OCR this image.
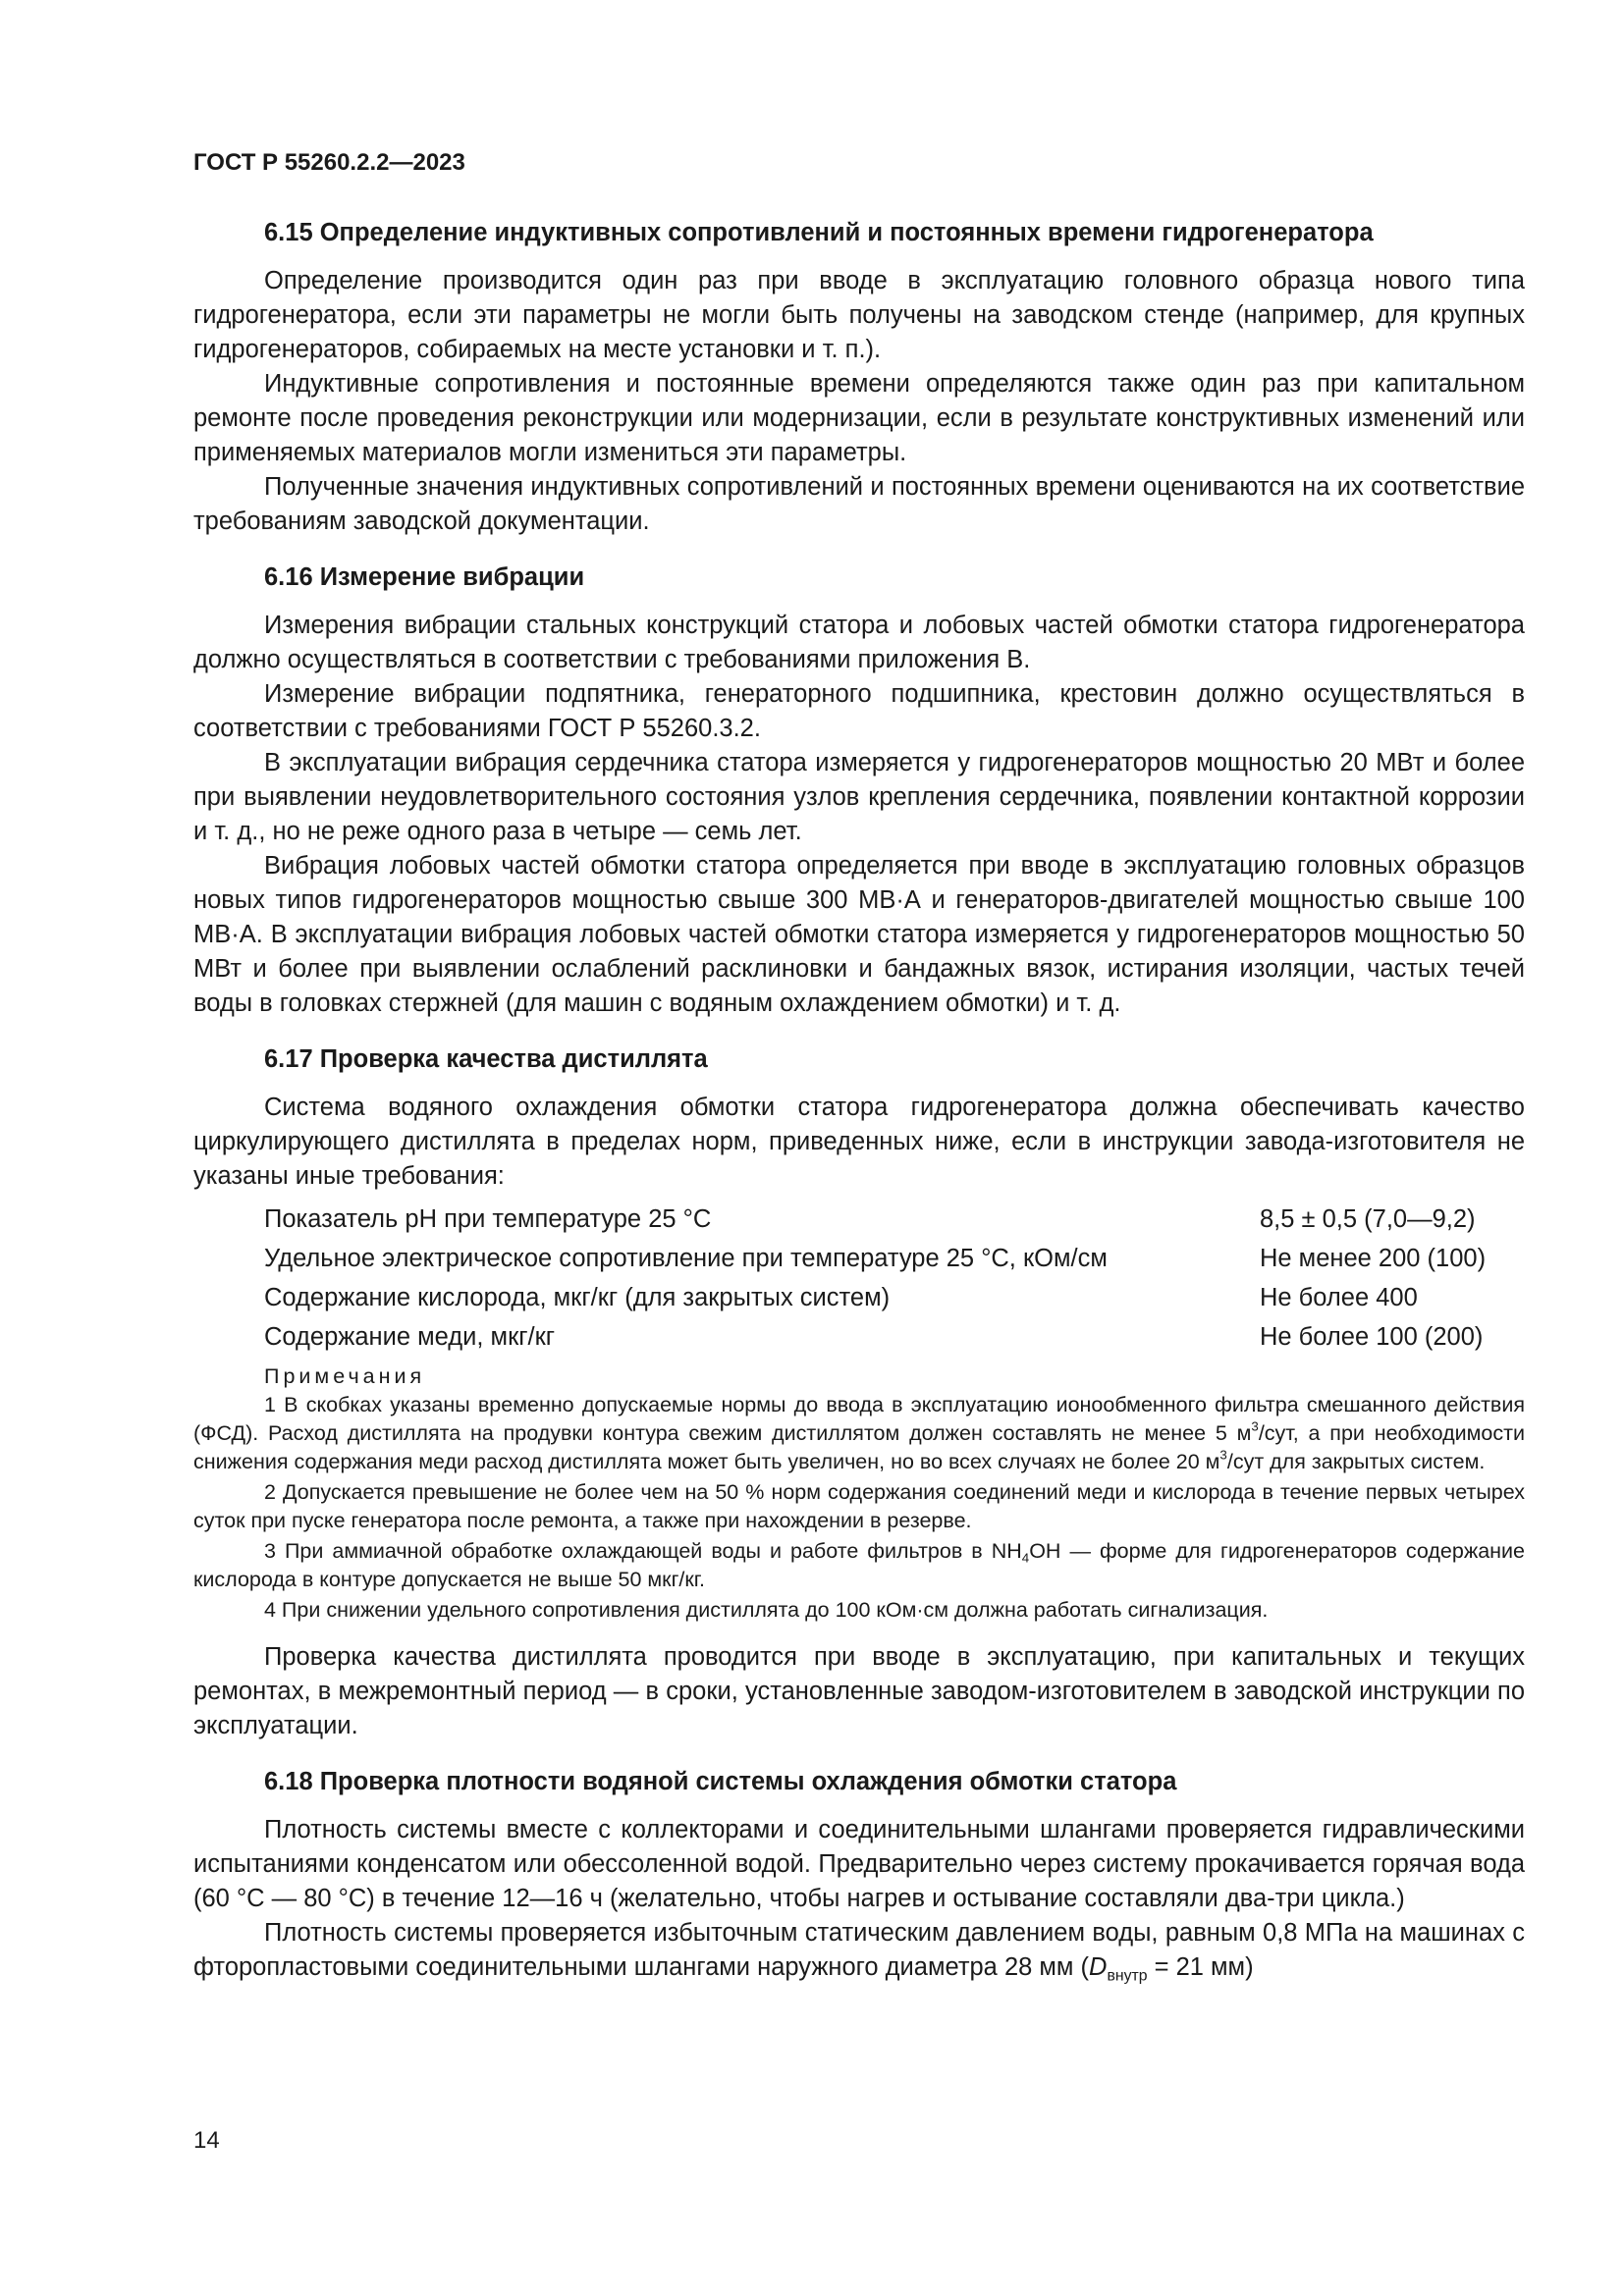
ГОСТ Р 55260.2.2—2023

6.15 Определение индуктивных сопротивлений и постоянных времени гидрогенератора

Определение производится один раз при вводе в эксплуатацию головного образца нового типа гидрогенератора, если эти параметры не могли быть получены на заводском стенде (например, для крупных гидрогенераторов, собираемых на месте установки и т. п.).

Индуктивные сопротивления и постоянные времени определяются также один раз при капитальном ремонте после проведения реконструкции или модернизации, если в результате конструктивных изменений или применяемых материалов могли измениться эти параметры.

Полученные значения индуктивных сопротивлений и постоянных времени оцениваются на их соответствие требованиям заводской документации.

6.16 Измерение вибрации

Измерения вибрации стальных конструкций статора и лобовых частей обмотки статора гидрогенератора должно осуществляться в соответствии с требованиями приложения В.

Измерение вибрации подпятника, генераторного подшипника, крестовин должно осуществляться в соответствии с требованиями ГОСТ Р 55260.3.2.

В эксплуатации вибрация сердечника статора измеряется у гидрогенераторов мощностью 20 МВт и более при выявлении неудовлетворительного состояния узлов крепления сердечника, появлении контактной коррозии и т. д., но не реже одного раза в четыре — семь лет.

Вибрация лобовых частей обмотки статора определяется при вводе в эксплуатацию головных образцов новых типов гидрогенераторов мощностью свыше 300 МВ·А и генераторов-двигателей мощностью свыше 100 МВ·А. В эксплуатации вибрация лобовых частей обмотки статора измеряется у гидрогенераторов мощностью 50 МВт и более при выявлении ослаблений расклиновки и бандажных вязок, истирания изоляции, частых течей воды в головках стержней (для машин с водяным охлаждением обмотки) и т. д.

6.17 Проверка качества дистиллята

Система водяного охлаждения обмотки статора гидрогенератора должна обеспечивать качество циркулирующего дистиллята в пределах норм, приведенных ниже, если в инструкции завода-изготовителя не указаны иные требования:

Показатель pH при температуре 25 °C	8,5 ± 0,5 (7,0—9,2)
Удельное электрическое сопротивление при температуре 25 °C, кОм/см	Не менее 200 (100)
Содержание кислорода, мкг/кг (для закрытых систем)	Не более 400
Содержание меди, мкг/кг	Не более 100 (200)

Примечания

1 В скобках указаны временно допускаемые нормы до ввода в эксплуатацию ионообменного фильтра смешанного действия (ФСД). Расход дистиллята на продувки контура свежим дистиллятом должен составлять не менее 5 $м^3$/сут, а при необходимости снижения содержания меди расход дистиллята может быть увеличен, но во всех случаях не более 20 $м^3$/сут для закрытых систем.

2 Допускается превышение не более чем на 50 % норм содержания соединений меди и кислорода в течение первых четырех суток при пуске генератора после ремонта, а также при нахождении в резерве.

3 При аммиачной обработке охлаждающей воды и работе фильтров в $NH_4OH$ — форме для гидрогенераторов содержание кислорода в контуре допускается не выше 50 мкг/кг.

4 При снижении удельного сопротивления дистиллята до 100 кОм·см должна работать сигнализация.

Проверка качества дистиллята проводится при вводе в эксплуатацию, при капитальных и текущих ремонтах, в межремонтный период — в сроки, установленные заводом-изготовителем в заводской инструкции по эксплуатации.

6.18 Проверка плотности водяной системы охлаждения обмотки статора

Плотность системы вместе с коллекторами и соединительными шлангами проверяется гидравлическими испытаниями конденсатом или обессоленной водой. Предварительно через систему прокачивается горячая вода (60 °C — 80 °C) в течение 12—16 ч (желательно, чтобы нагрев и остывание составляли два-три цикла.)

Плотность системы проверяется избыточным статическим давлением воды, равным 0,8 МПа на машинах с фторопластовыми соединительными шлангами наружного диаметра 28 мм ($D_{внутр} = 21$ мм)

14
